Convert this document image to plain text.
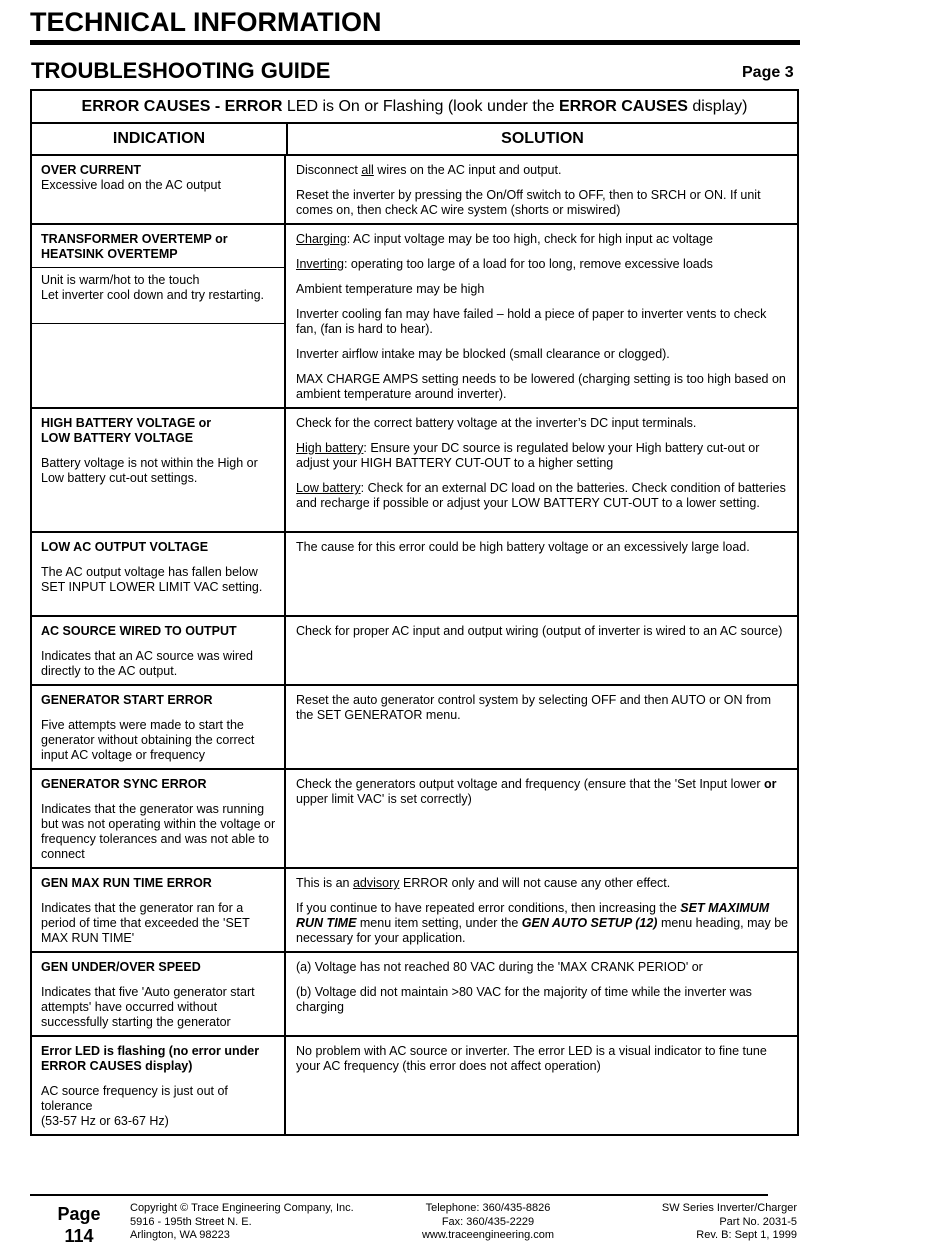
TECHNICAL INFORMATION
TROUBLESHOOTING GUIDE	Page 3
ERROR CAUSES - ERROR LED is On or Flashing (look under the ERROR CAUSES display)
INDICATION	SOLUTION
OVER CURRENT
Excessive load on the AC output

Disconnect all wires on the AC input and output.

Reset the inverter by pressing the On/Off switch to OFF, then to SRCH or ON. If unit comes on, then check AC wire system (shorts or miswired)

TRANSFORMER OVERTEMP or HEATSINK OVERTEMP
Unit is warm/hot to the touch
Let inverter cool down and try restarting.

Charging: AC input voltage may be too high, check for high input ac voltage

Inverting: operating too large of a load for too long, remove excessive loads

Ambient temperature may be high

Inverter cooling fan may have failed – hold a piece of paper to inverter vents to check fan, (fan is hard to hear).

Inverter airflow intake may be blocked (small clearance or clogged).

MAX CHARGE AMPS setting needs to be lowered (charging setting is too high based on ambient temperature around inverter).

HIGH BATTERY VOLTAGE or
LOW BATTERY VOLTAGE
Battery voltage is not within the High or Low battery cut-out settings.

Check for the correct battery voltage at the inverter’s DC input terminals.

High battery: Ensure your DC source is regulated below your High battery cut-out or adjust your HIGH BATTERY CUT-OUT to a higher setting

Low battery: Check for an external DC load on the batteries. Check condition of batteries and recharge if possible or adjust your LOW BATTERY CUT-OUT to a lower setting.

LOW AC OUTPUT VOLTAGE
The AC output voltage has fallen below SET INPUT LOWER LIMIT VAC setting.

The cause for this error could be high battery voltage or an excessively large load.

AC SOURCE WIRED TO OUTPUT
Indicates that an AC source was wired directly to the AC output.

Check for proper AC input and output wiring (output of inverter is wired to an AC source)

GENERATOR START ERROR
Five attempts were made to start the generator without obtaining the correct input AC voltage or frequency

Reset the auto generator control system by selecting OFF and then AUTO or ON from the SET GENERATOR menu.

GENERATOR SYNC ERROR
Indicates that the generator was running but was not operating within the voltage or frequency tolerances and was not able to connect

Check the generators output voltage and frequency (ensure that the 'Set Input lower or upper limit VAC' is set correctly)

GEN MAX RUN TIME ERROR
Indicates that the generator ran for a period of time that exceeded the 'SET MAX RUN TIME'

This is an advisory ERROR only and will not cause any other effect.

If you continue to have repeated error conditions, then increasing the SET MAXIMUM RUN TIME menu item setting, under the GEN AUTO SETUP (12) menu heading, may be necessary for your application.

GEN UNDER/OVER SPEED
Indicates that five 'Auto generator start attempts' have occurred without successfully starting the generator

(a) Voltage has not reached 80 VAC during the 'MAX CRANK PERIOD' or

(b) Voltage did not maintain >80 VAC for the majority of time while the inverter was charging

Error LED is flashing (no error under ERROR CAUSES display)
AC source frequency is just out of tolerance
(53-57 Hz or 63-67 Hz)

No problem with AC source or inverter. The error LED is a visual indicator to fine tune your AC frequency (this error does not affect operation)

Page
114
Copyright © Trace Engineering Company, Inc.
5916 - 195th Street N. E.
Arlington, WA 98223
Telephone: 360/435-8826
Fax: 360/435-2229
www.traceengineering.com
SW Series Inverter/Charger
Part No. 2031-5
Rev. B: Sept 1, 1999
